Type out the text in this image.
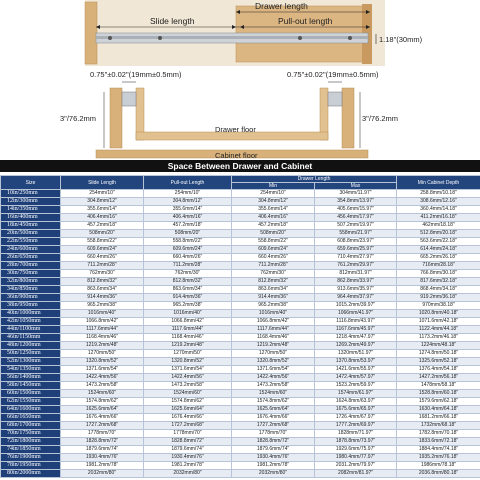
Drawer length
Slide length	Pull-out length
1.18"(30mm)
0.75"±0.02"(19mm±0.5mm)	0.75"±0.02"(19mm±0.5mm)
3"/76.2mm	3"/76.2mm
Drawer floor
Cabinet floor
Space Between Drawer and Cabinet
Size	Slide Length	Pull-out Length	Drawer Length		Min Cabinet Depth
			Min	Max	
10in/250mm	254mm/10"	254mm/10"	254mm/10"	304mm/11.97"	258.8mm/10.18"
12in/300mm	304.8mm/12"	304.8mm/12"	304.8mm/12"	354.8mm/13.97"	308.6mm/12.16"
14in/350mm	355.6mm/14"	355.6mm/14"	355.6mm/14"	405.6mm/15.97"	360.4mm/14.18"
16in/400mm	406.4mm/16"	406.4mm/16"	406.4mm/16"	456.4mm/17.97"	411.2mm/16.18"
18in/450mm	457.2mm/18"	457.2mm/18"	457.2mm/18"	507.2mm/19.97"	462mm/18.18"
20in/500mm	508mm/20"	508mm/20"	508mm/20"	558mm/21.97"	512.8mm/20.18"
22in/550mm	558.8mm/22"	558.8mm/22"	558.8mm/22"	608.8mm/23.97"	563.6mm/22.18"
24in/600mm	609.6mm/24"	609.6mm/24"	609.6mm/24"	659.6mm/25.97"	614.4mm/24.18"
26in/650mm	660.4mm/26"	660.4mm/26"	660.4mm/26"	710.4mm/27.97"	665.2mm/26.18"
28in/700mm	711.2mm/28"	711.2mm/28"	711.2mm/28"	761.2mm/29.97"	716mm/28.18"
30in/750mm	762mm/30"	762mm/30"	762mm/30"	812mm/31.97"	766.8mm/30.18"
32in/800mm	812.8mm/32"	812.8mm/32"	812.8mm/32"	862.8mm/33.97"	817.6mm/32.18"
34in/850mm	863.6mm/34"	863.6mm/34"	863.6mm/34"	913.6mm/35.97"	868.4mm/34.18"
36in/900mm	914.4mm/36"	914.4mm/36"	914.4mm/36"	964.4mm/37.97"	919.2mm/36.18"
38in/950mm	965.2mm/38"	965.2mm/38"	965.2mm/38"	1015.2mm/39.97"	970mm/38.18"
40in/1000mm	1016mm/40"	1016mm/40"	1016mm/40"	1066mm/41.97"	1020.8mm/40.18"
42in/1050mm	1066.8mm/42"	1066.8mm/42"	1066.8mm/42"	1116.8mm/43.97"	1071.6mm/42.18"
44in/1100mm	1117.6mm/44"	1117.6mm/44"	1117.6mm/44"	1167.6mm/45.97"	1122.4mm/44.18"
46in/1150mm	1168.4mm/46"	1168.4mm/46"	1168.4mm/46"	1218.4mm/47.97"	1173.2mm/46.18"
48in/1200mm	1219.2mm/48"	1219.2mm/48"	1219.2mm/48"	1269.2mm/49.97"	1224mm/48.18"
50in/1250mm	1270mm/50"	1270mm/50"	1270mm/50"	1320mm/51.97"	1274.8mm/50.18"
52in/1300mm	1320.8mm/52"	1320.8mm/52"	1320.8mm/52"	1370.8mm/53.97"	1325.6mm/52.18"
54in/1350mm	1371.6mm/54"	1371.6mm/54"	1371.6mm/54"	1421.6mm/55.97"	1376.4mm/54.18"
56in/1400mm	1422.4mm/56"	1422.4mm/56"	1422.4mm/56"	1472.4mm/57.97"	1427.2mm/56.18"
58in/1450mm	1473.2mm/58"	1473.2mm/58"	1473.2mm/58"	1523.2mm/59.97"	1478mm/58.18"
60in/1500mm	1524mm/60"	1524mm/60"	1524mm/60"	1574mm/61.97"	1528.8mm/60.18"
62in/1550mm	1574.8mm/62"	1574.8mm/62"	1574.8mm/62"	1624.8mm/63.97"	1579.6mm/62.18"
64in/1600mm	1625.6mm/64"	1625.6mm/64"	1625.6mm/64"	1675.6mm/65.97"	1630.4mm/64.18"
66in/1650mm	1676.4mm/66"	1676.4mm/66"	1676.4mm/66"	1726.4mm/67.97"	1681.2mm/66.18"
68in/1700mm	1727.2mm/68"	1727.2mm/68"	1727.2mm/68"	1777.2mm/69.97"	1732mm/68.18"
70in/1750mm	1778mm/70"	1778mm/70"	1778mm/70"	1828mm/71.97"	1782.8mm/70.18"
72in/1800mm	1828.8mm/72"	1828.8mm/72"	1828.8mm/72"	1878.8mm/73.97"	1833.6mm/72.18"
74in/1850mm	1879.6mm/74"	1879.6mm/74"	1879.6mm/74"	1929.6mm/75.97"	1884.4mm/74.18"
76in/1900mm	1930.4mm/76"	1930.4mm/76"	1930.4mm/76"	1980.4mm/77.97"	1935.2mm/76.18"
78in/1950mm	1981.2mm/78"	1981.2mm/78"	1981.2mm/78"	2031.2mm/79.97"	1986mm/78.18"
80in/2000mm	2032mm/80"	2032mm/80"	2032mm/80"	2082mm/81.97"	2036.8mm/80.18"
